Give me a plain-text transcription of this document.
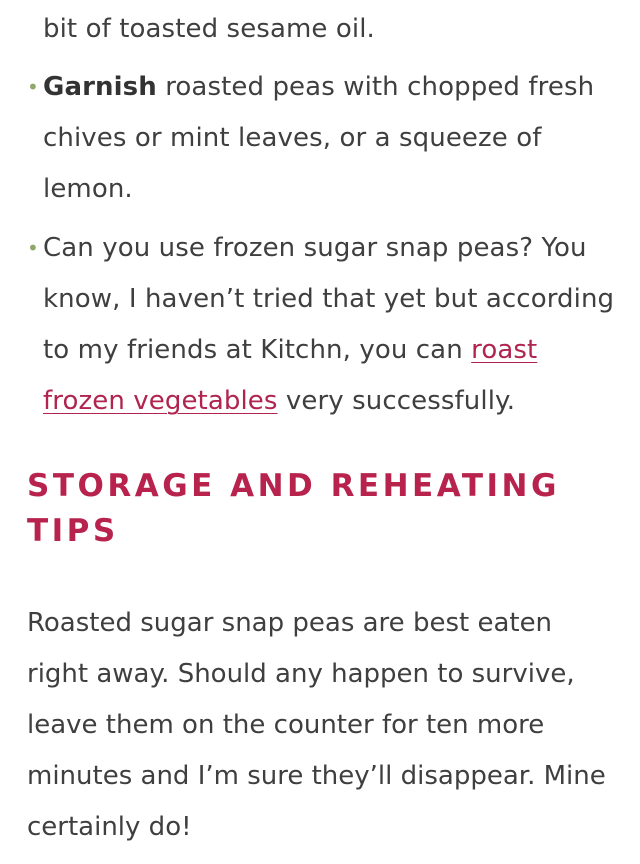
bit of toasted sesame oil.
• Garnish roasted peas with chopped fresh chives or mint leaves, or a squeeze of lemon.
• Can you use frozen sugar snap peas? You know, I haven’t tried that yet but according to my friends at Kitchn, you can roast frozen vegetables very successfully.
STORAGE AND REHEATING TIPS

Roasted sugar snap peas are best eaten right away. Should any happen to survive, leave them on the counter for ten more minutes and I’m sure they’ll disappear. Mine certainly do!
